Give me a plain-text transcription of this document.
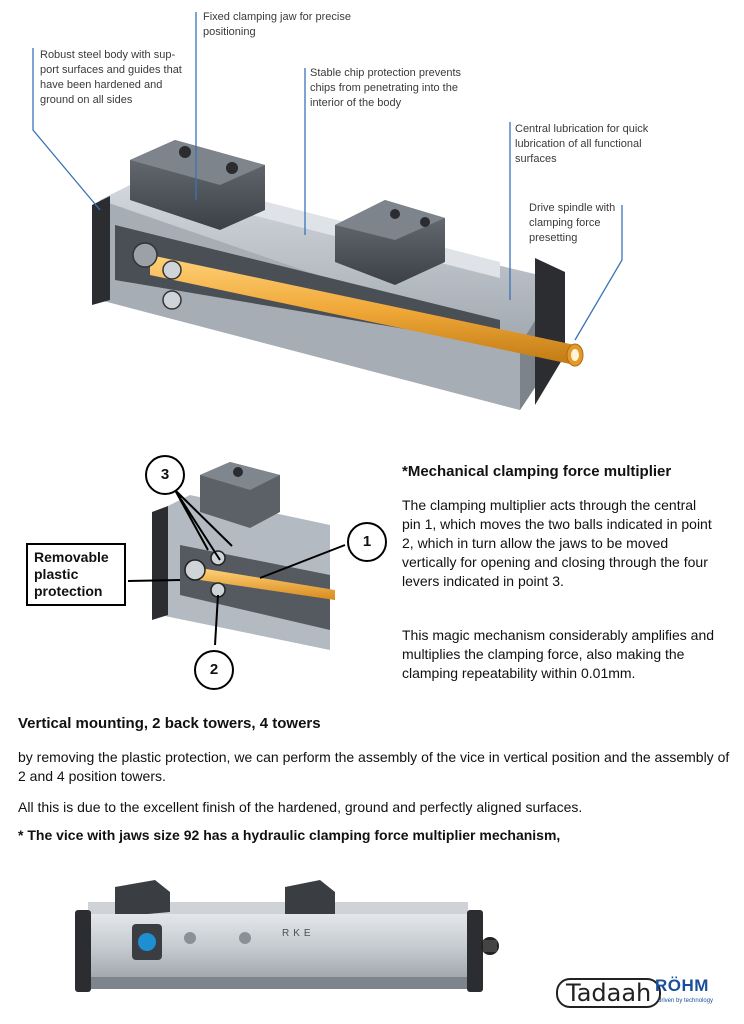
Fixed clamping jaw for precise
positioning
Robust steel body with sup-
port surfaces and guides that
have been hardened and
ground on all sides
Stable chip protection prevents
chips from penetrating into the
interior of the body
Central lubrication for quick
lubrication of all functional
surfaces
Drive spindle with
clamping force
presetting
3
1
2
Removable plastic protection
*Mechanical clamping force multiplier

The clamping multiplier acts through the central pin 1, which moves the two balls indicated in point 2, which in turn allow the jaws to be moved vertically for opening and closing through the four levers indicated in point 3.

This magic mechanism considerably amplifies and multiplies the clamping force, also making the clamping repeatability within 0.01mm.

Vertical mounting, 2 back towers, 4 towers

by removing the plastic protection, we can perform the assembly of the vice in vertical position and the assembly of 2 and 4 position towers.

All this is due to the excellent finish of the hardened, ground and perfectly aligned surfaces.

* The vice with jaws size 92 has a hydraulic clamping force multiplier mechanism,

RKE
Tadaah RÖHM
driven by technology
